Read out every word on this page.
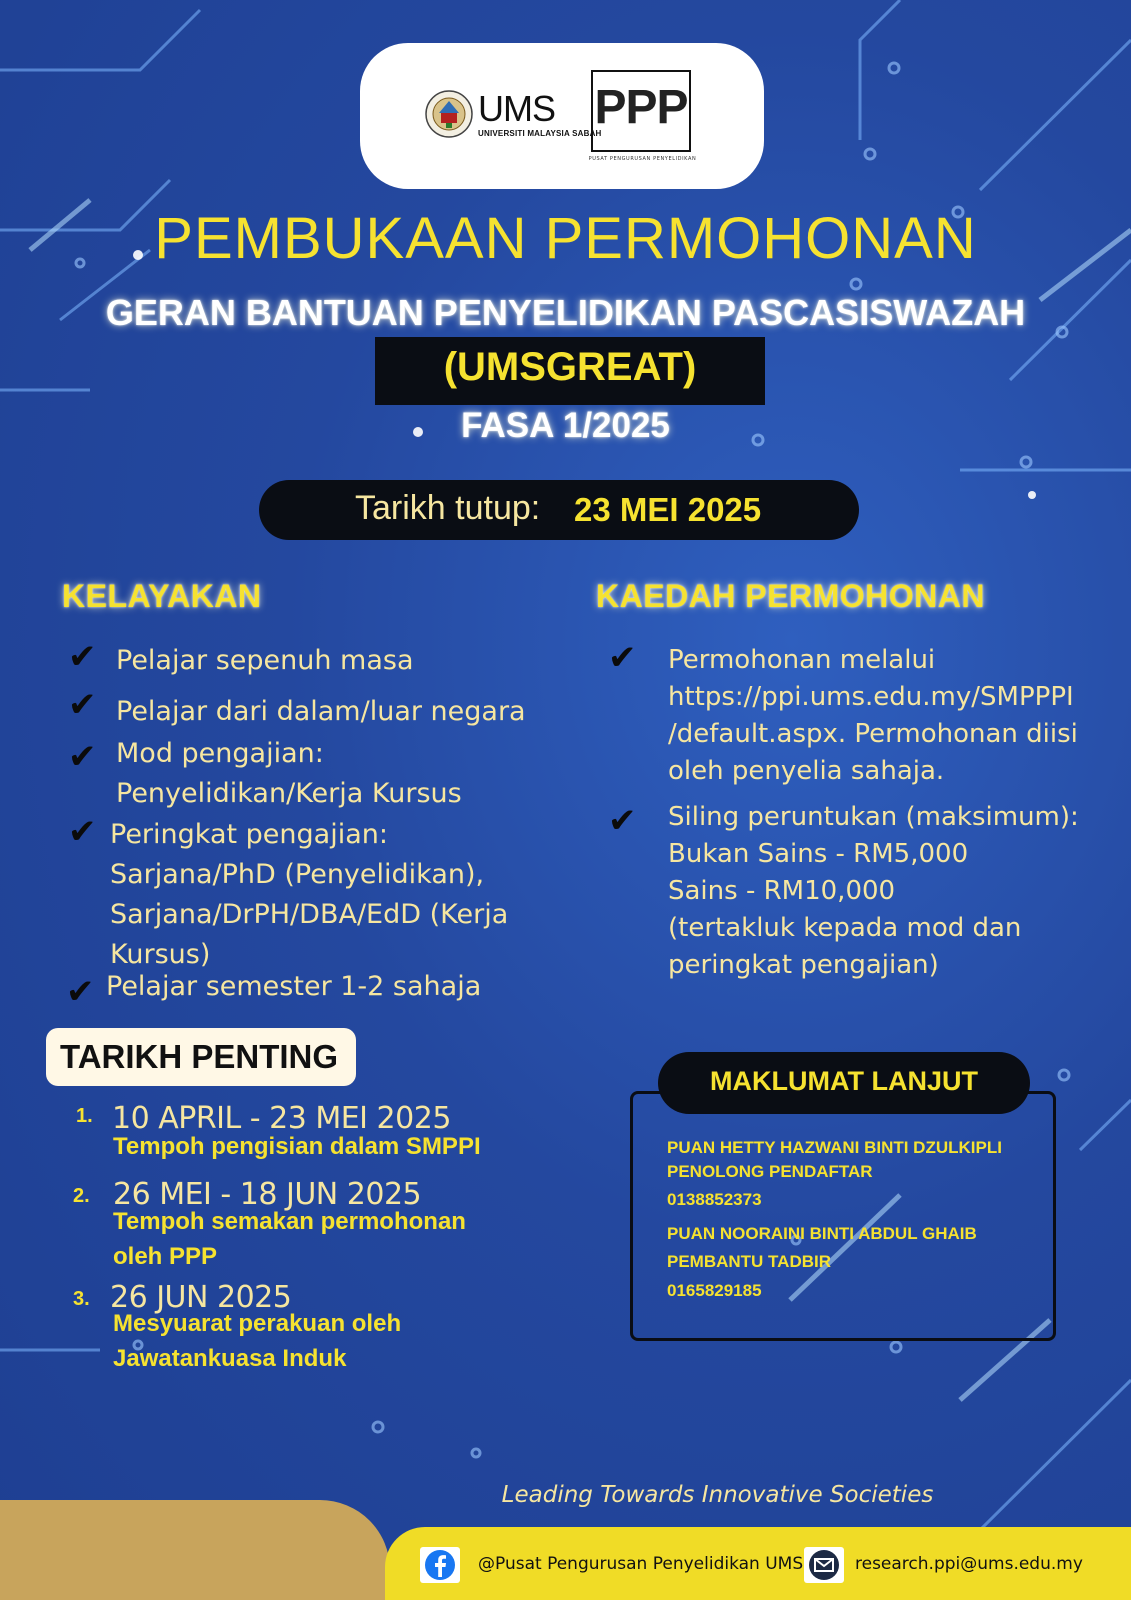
UMS
UNIVERSITI MALAYSIA SABAH
PPP
PUSAT PENGURUSAN PENYELIDIKAN
PEMBUKAAN PERMOHONAN
GERAN BANTUAN PENYELIDIKAN PASCASISWAZAH
(UMSGREAT)
FASA 1/2025
Tarikh tutup: 23 MEI 2025
KELAYAKAN
✔ Pelajar sepenuh masa
✔ Pelajar dari dalam/luar negara
✔ Mod pengajian:
Penyelidikan/Kerja Kursus
✔ Peringkat pengajian:
Sarjana/PhD (Penyelidikan),
Sarjana/DrPH/DBA/EdD (Kerja
Kursus)
✔ Pelajar semester 1-2 sahaja
KAEDAH PERMOHONAN
✔ Permohonan melalui
https://ppi.ums.edu.my/SMPPPI
/default.aspx. Permohonan diisi
oleh penyelia sahaja.
✔ Siling peruntukan (maksimum):
Bukan Sains - RM5,000
Sains - RM10,000
(tertakluk kepada mod dan
peringkat pengajian)
TARIKH PENTING
1. 10 APRIL - 23 MEI 2025
Tempoh pengisian dalam SMPPI
2. 26 MEI - 18 JUN 2025
Tempoh semakan permohonan
oleh PPP
3. 26 JUN 2025
Mesyuarat perakuan oleh
Jawatankuasa Induk
MAKLUMAT LANJUT
PUAN HETTY HAZWANI BINTI DZULKIPLI
PENOLONG PENDAFTAR
0138852373
PUAN NOORAINI BINTI ABDUL GHAIB
PEMBANTU TADBIR
0165829185
Leading Towards Innovative Societies
@Pusat Pengurusan Penyelidikan UMS	research.ppi@ums.edu.my
